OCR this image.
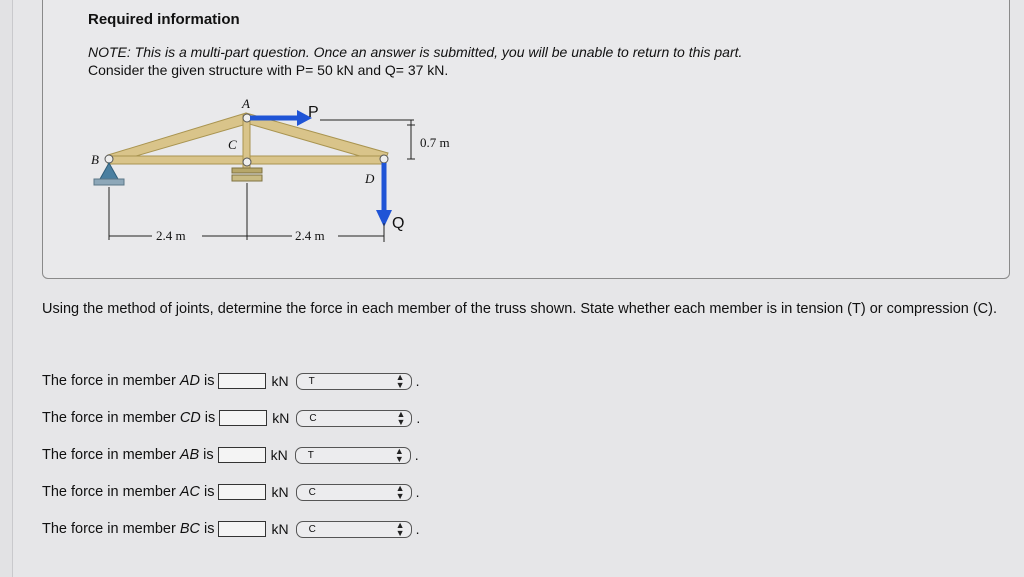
Required information
NOTE: This is a multi-part question. Once an answer is submitted, you will be unable to return to this part.
Consider the given structure with P= 50 kN and Q= 37 kN.
0.7 m
2.4 m	2.4 m
A
B
C
D
P
Q
Using the method of joints, determine the force in each member of the truss shown. State whether each member is in tension (T) or compression (C).
The force in member AD is	kN T	▲
▼ .
The force in member CD is	kN C	▲
▼ .
The force in member AB is	kN T	▲
▼ .
The force in member AC is	kN C	▲
▼ .
The force in member BC is	kN C	▲
▼ .
